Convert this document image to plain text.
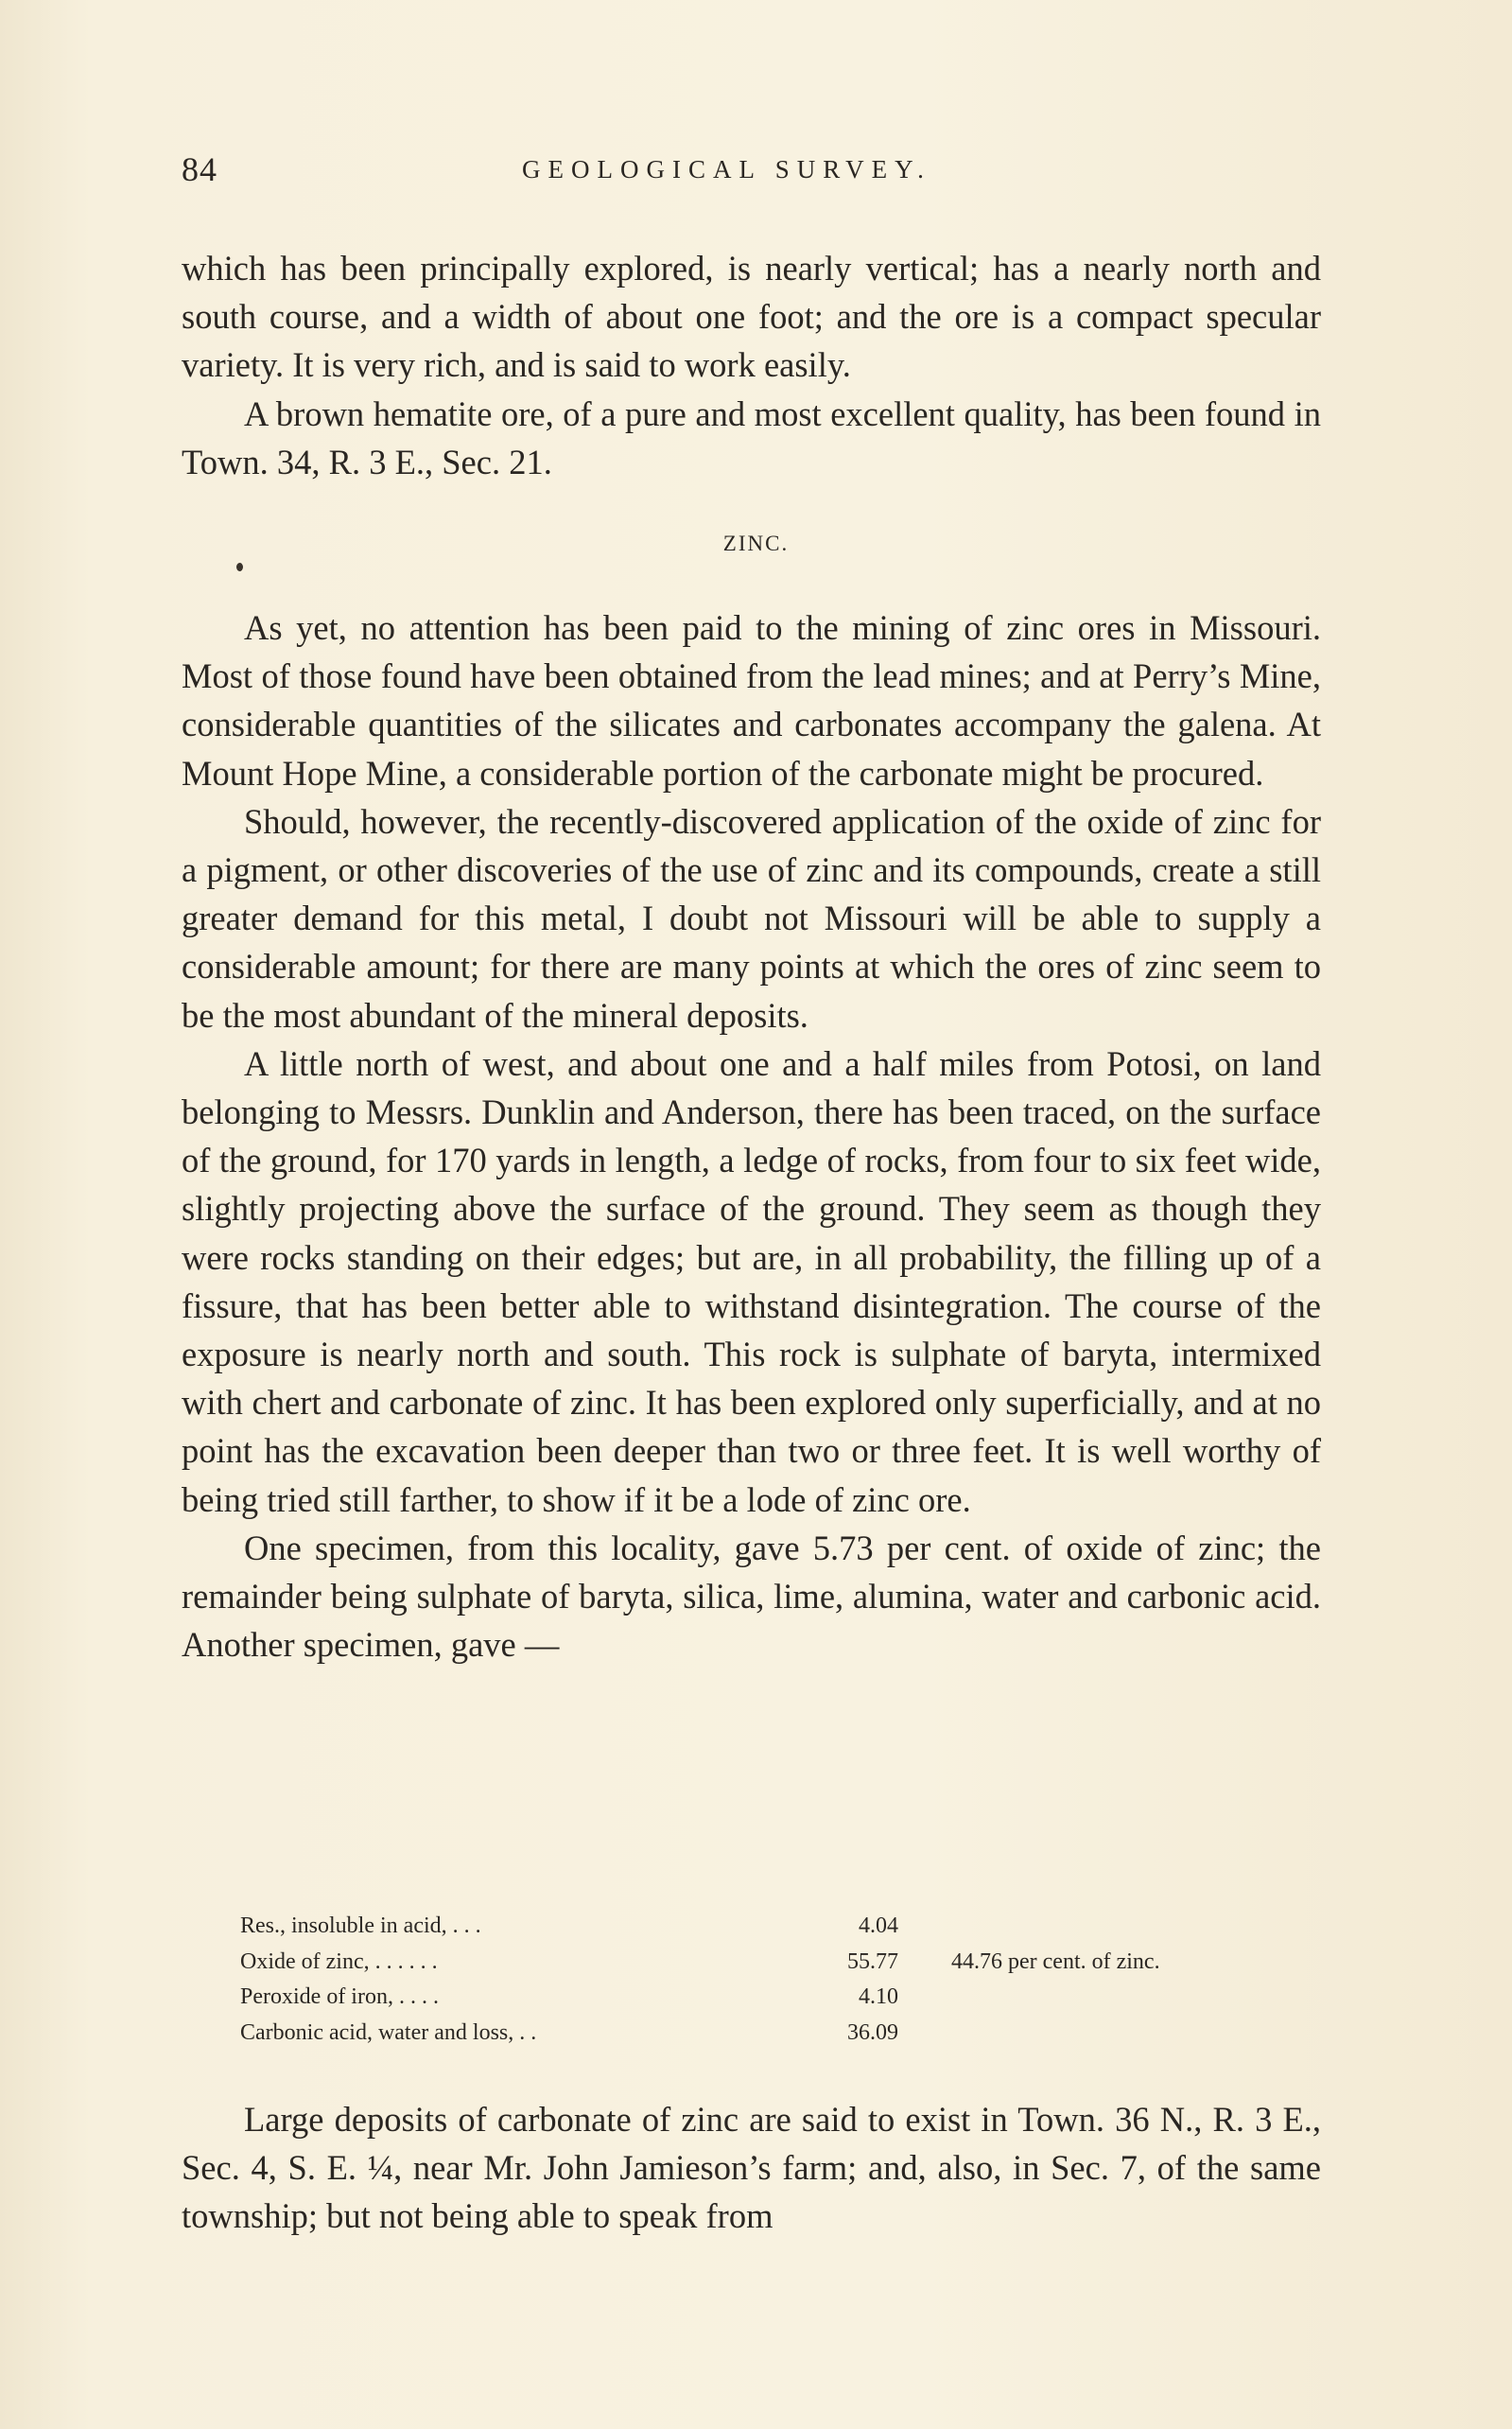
84	GEOLOGICAL SURVEY.

which has been principally explored, is nearly vertical; has a nearly north and south course, and a width of about one foot; and the ore is a compact specular variety. It is very rich, and is said to work easily.

A brown hematite ore, of a pure and most excellent quality, has been found in Town. 34, R. 3 E., Sec. 21.

ZINC.

As yet, no attention has been paid to the mining of zinc ores in Missouri. Most of those found have been obtained from the lead mines; and at Perry’s Mine, considerable quantities of the silicates and carbonates accompany the galena. At Mount Hope Mine, a considerable portion of the carbonate might be procured.

Should, however, the recently-discovered application of the oxide of zinc for a pigment, or other discoveries of the use of zinc and its compounds, create a still greater demand for this metal, I doubt not Missouri will be able to supply a considerable amount; for there are many points at which the ores of zinc seem to be the most abundant of the mineral deposits.

A little north of west, and about one and a half miles from Potosi, on land belonging to Messrs. Dunklin and Anderson, there has been traced, on the surface of the ground, for 170 yards in length, a ledge of rocks, from four to six feet wide, slightly projecting above the surface of the ground. They seem as though they were rocks standing on their edges; but are, in all probability, the filling up of a fissure, that has been better able to withstand disintegration. The course of the exposure is nearly north and south. This rock is sulphate of baryta, intermixed with chert and carbonate of zinc. It has been explored only superficially, and at no point has the excavation been deeper than two or three feet. It is well worthy of being tried still farther, to show if it be a lode of zinc ore.

One specimen, from this locality, gave 5.73 per cent. of oxide of zinc; the remainder being sulphate of baryta, silica, lime, alumina, water and carbonic acid. Another specimen, gave —

Res., insoluble in acid, . . .	4.04
Oxide of zinc, . . . . . .	55.77 44.76 per cent. of zinc.
Peroxide of iron, . . . .	4.10
Carbonic acid, water and loss, . .	36.09

Large deposits of carbonate of zinc are said to exist in Town. 36 N., R. 3 E., Sec. 4, S. E. ¼, near Mr. John Jamieson’s farm; and, also, in Sec. 7, of the same township; but not being able to speak from
